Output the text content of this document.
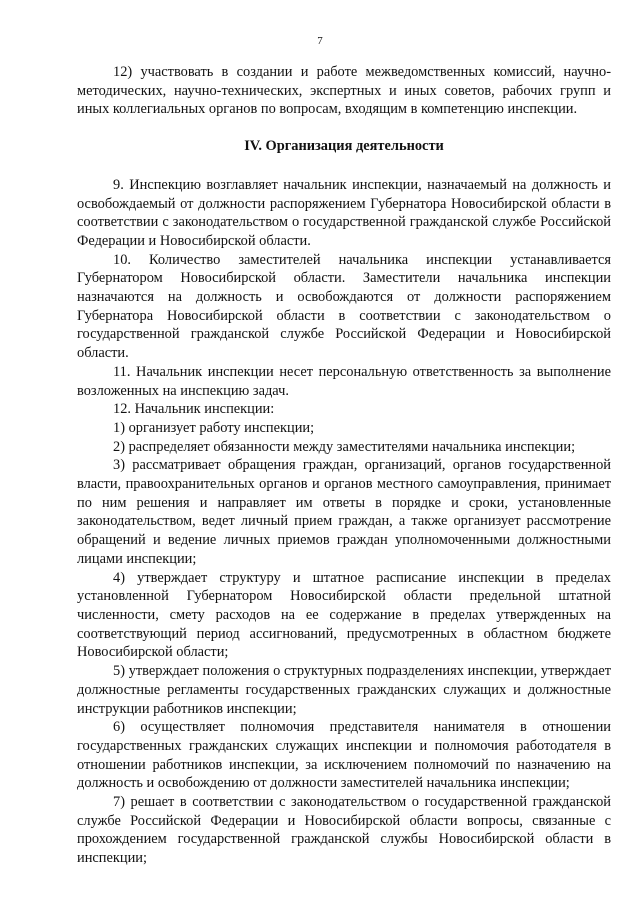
7

12) участвовать в создании и работе межведомственных комиссий, научно-методических, научно-технических, экспертных и иных советов, рабочих групп и иных коллегиальных органов по вопросам, входящим в компетенцию инспекции.

IV. Организация деятельности

9. Инспекцию возглавляет начальник инспекции, назначаемый на должность и освобождаемый от должности распоряжением Губернатора Новосибирской области в соответствии с законодательством о государственной гражданской службе Российской Федерации и Новосибирской области.

10. Количество заместителей начальника инспекции устанавливается Губернатором Новосибирской области. Заместители начальника инспекции назначаются на должность и освобождаются от должности распоряжением Губернатора Новосибирской области в соответствии с законодательством о государственной гражданской службе Российской Федерации и Новосибирской области.

11. Начальник инспекции несет персональную ответственность за выполнение возложенных на инспекцию задач.

12. Начальник инспекции:

1) организует работу инспекции;

2) распределяет обязанности между заместителями начальника инспекции;

3) рассматривает обращения граждан, организаций, органов государственной власти, правоохранительных органов и органов местного самоуправления, принимает по ним решения и направляет им ответы в порядке и сроки, установленные законодательством, ведет личный прием граждан, а также организует рассмотрение обращений и ведение личных приемов граждан уполномоченными должностными лицами инспекции;

4) утверждает структуру и штатное расписание инспекции в пределах установленной Губернатором Новосибирской области предельной штатной численности, смету расходов на ее содержание в пределах утвержденных на соответствующий период ассигнований, предусмотренных в областном бюджете Новосибирской области;

5) утверждает положения о структурных подразделениях инспекции, утверждает должностные регламенты государственных гражданских служащих и должностные инструкции работников инспекции;

6) осуществляет полномочия представителя нанимателя в отношении государственных гражданских служащих инспекции и полномочия работодателя в отношении работников инспекции, за исключением полномочий по назначению на должность и освобождению от должности заместителей начальника инспекции;

7) решает в соответствии с законодательством о государственной гражданской службе Российской Федерации и Новосибирской области вопросы, связанные с прохождением государственной гражданской службы Новосибирской области в инспекции;
